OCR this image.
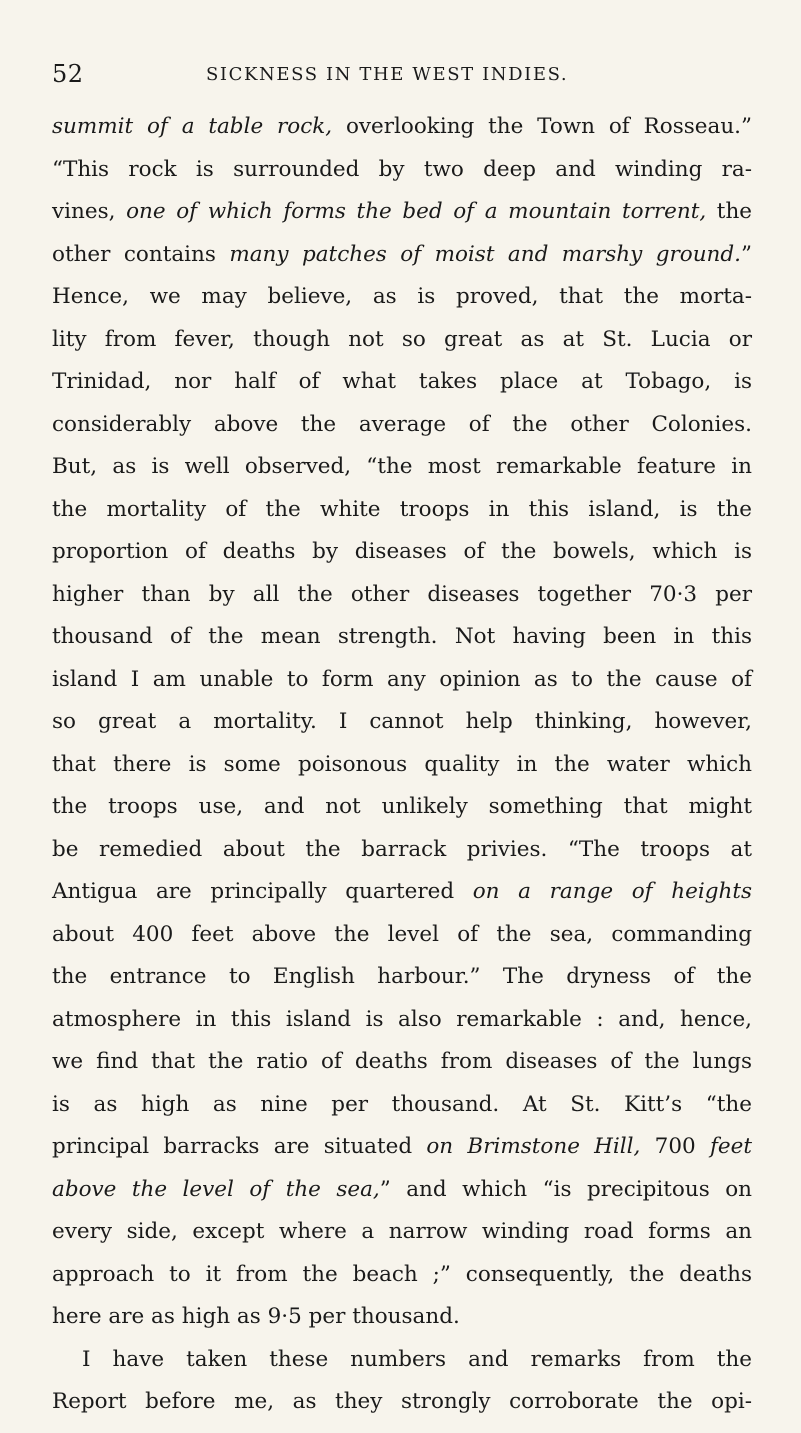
52	SICKNESS IN THE WEST INDIES.
summit of a table rock, overlooking the Town of Rosseau.”
“This rock is surrounded by two deep and winding ra-
vines, one of which forms the bed of a mountain torrent, the
other contains many patches of moist and marshy ground.”
Hence, we may believe, as is proved, that the morta-
lity from fever, though not so great as at St. Lucia or
Trinidad, nor half of what takes place at Tobago, is
considerably above the average of the other Colonies.
But, as is well observed, “the most remarkable feature in
the mortality of the white troops in this island, is the
proportion of deaths by diseases of the bowels, which is
higher than by all the other diseases together 70·3 per
thousand of the mean strength. Not having been in this
island I am unable to form any opinion as to the cause of
so great a mortality. I cannot help thinking, however,
that there is some poisonous quality in the water which
the troops use, and not unlikely something that might
be remedied about the barrack privies. “The troops at
Antigua are principally quartered on a range of heights
about 400 feet above the level of the sea, commanding
the entrance to English harbour.” The dryness of the
atmosphere in this island is also remarkable : and, hence,
we find that the ratio of deaths from diseases of the lungs
is as high as nine per thousand. At St. Kitt’s “the
principal barracks are situated on Brimstone Hill, 700 feet
above the level of the sea,” and which “is precipitous on
every side, except where a narrow winding road forms an
approach to it from the beach ;” consequently, the deaths
here are as high as 9·5 per thousand.
I have taken these numbers and remarks from the
Report before me, as they strongly corroborate the opi-
